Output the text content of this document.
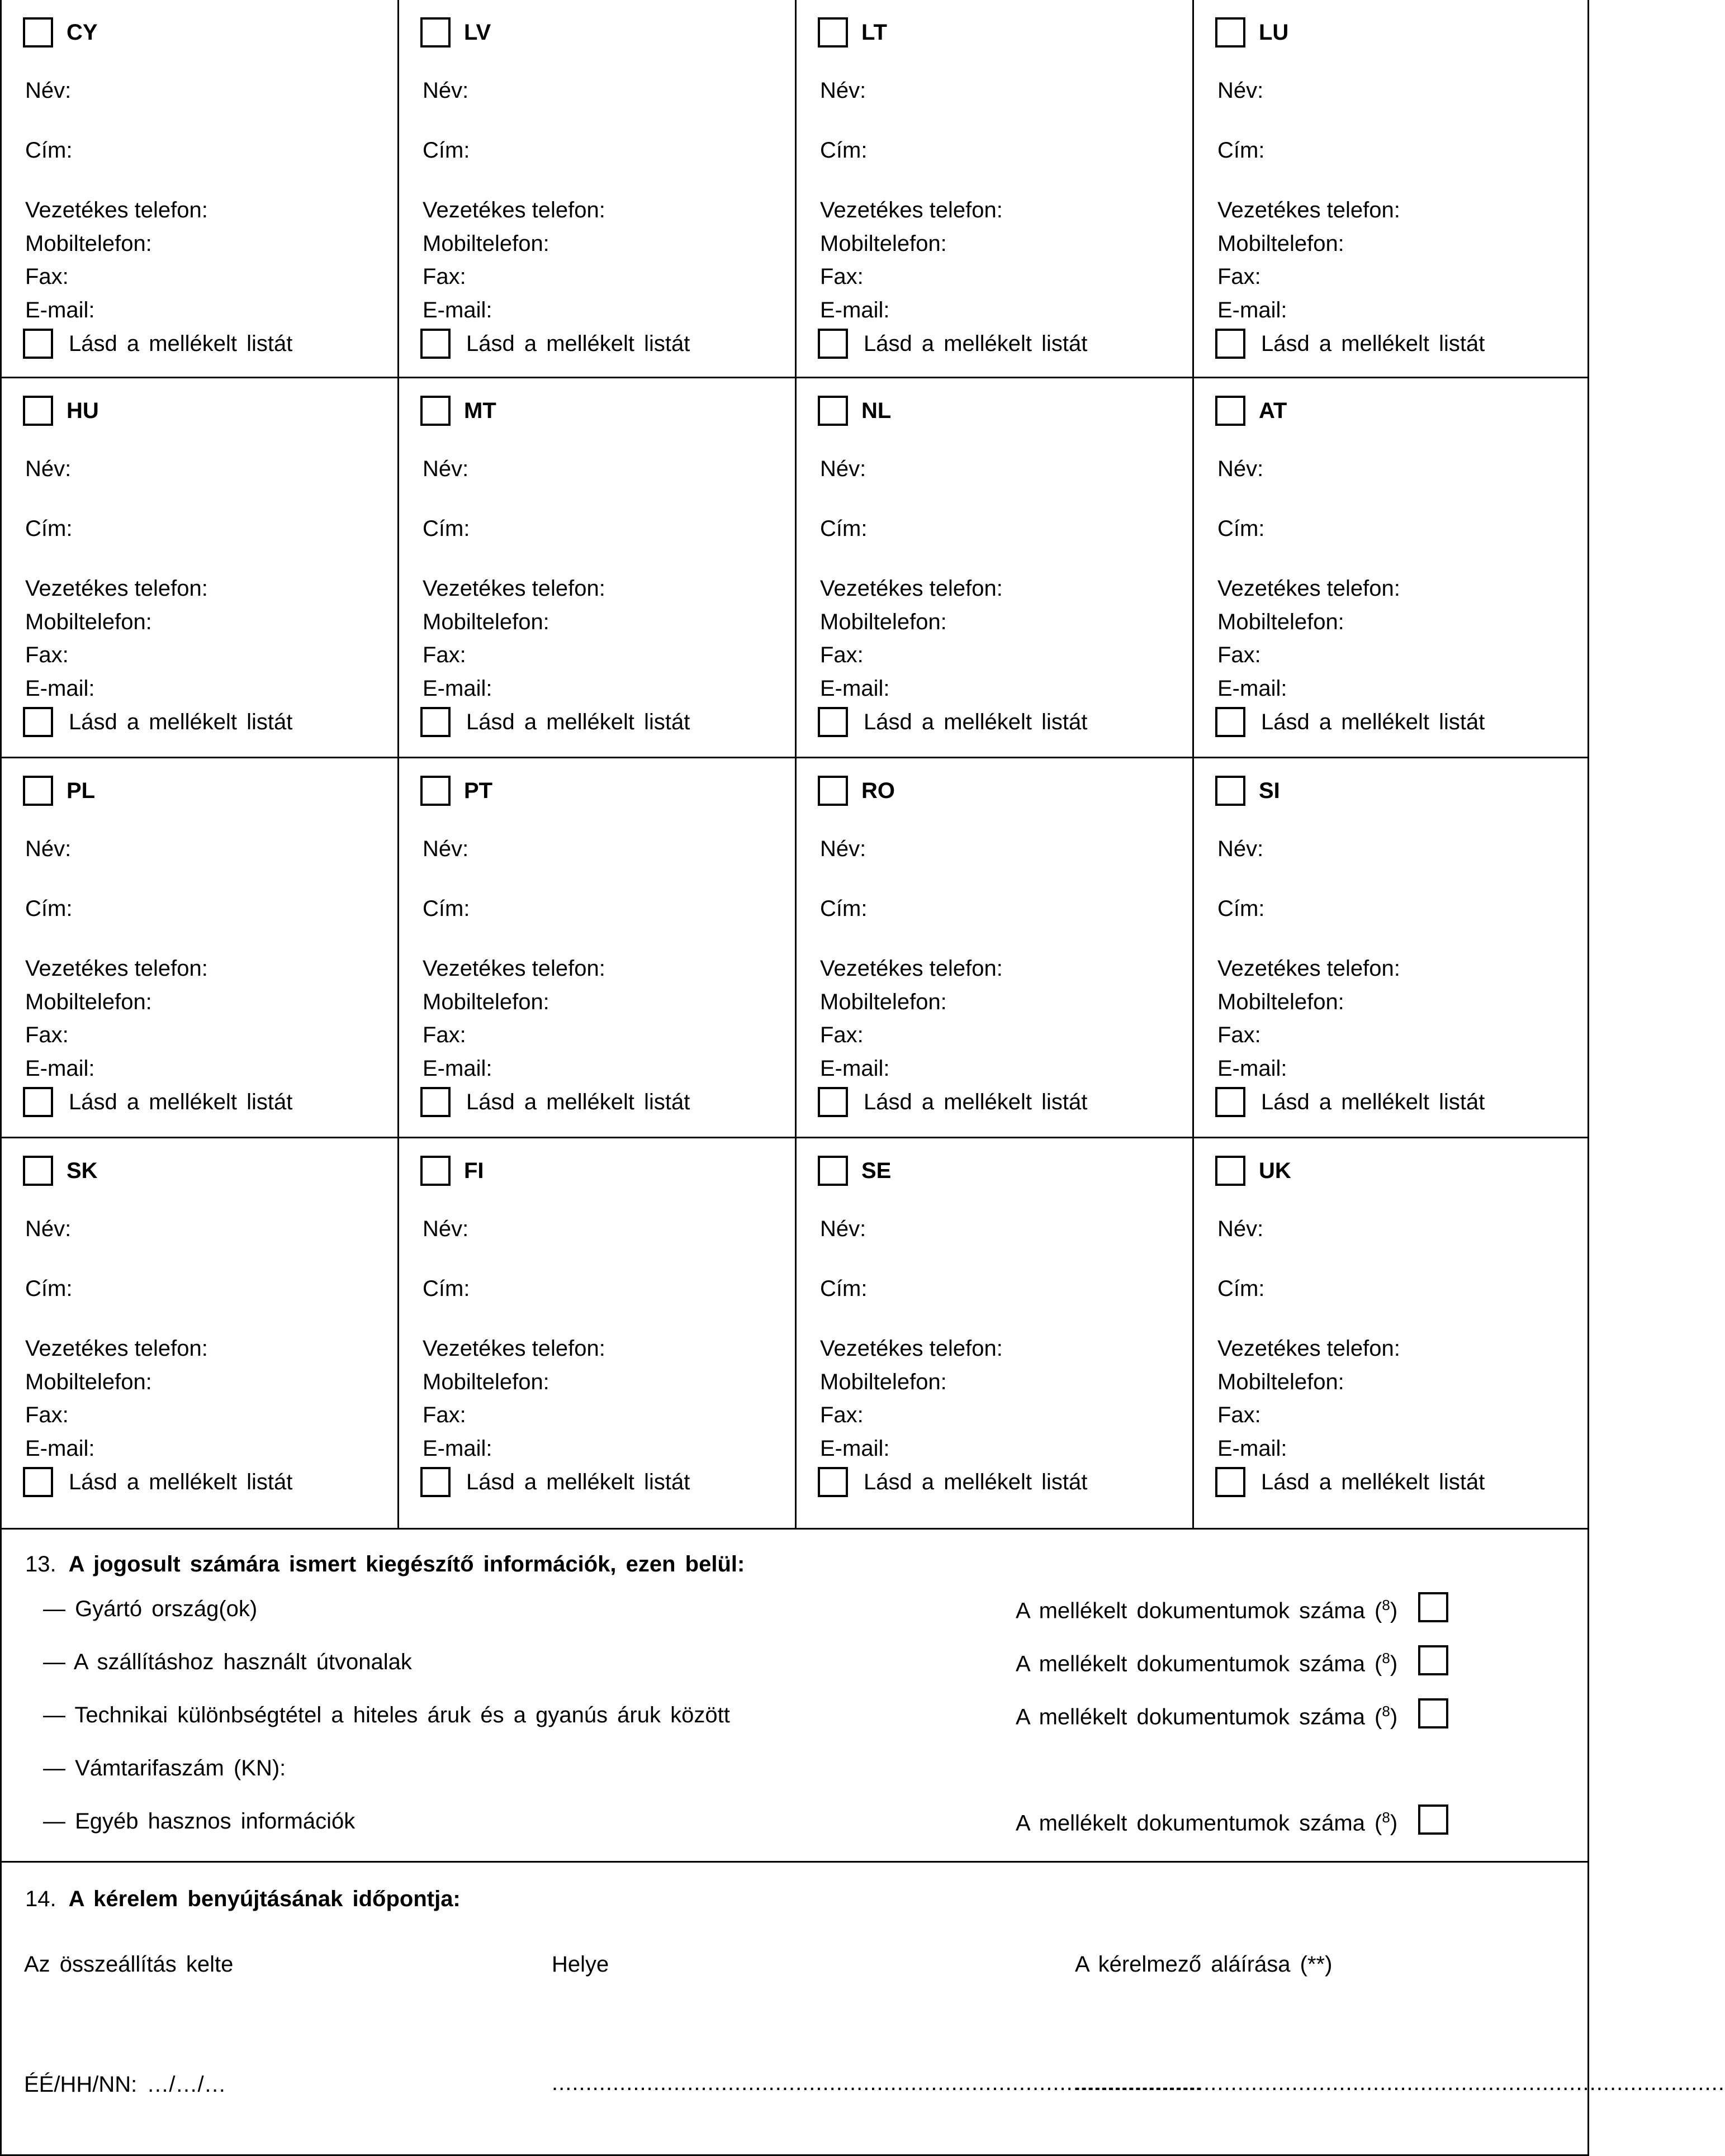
CY
Név:
Cím:
Vezetékes telefon:
Mobiltelefon:
Fax:
E-mail:
Lásd a mellékelt listát
LV
Név:
Cím:
Vezetékes telefon:
Mobiltelefon:
Fax:
E-mail:
Lásd a mellékelt listát
LT
Név:
Cím:
Vezetékes telefon:
Mobiltelefon:
Fax:
E-mail:
Lásd a mellékelt listát
LU
Név:
Cím:
Vezetékes telefon:
Mobiltelefon:
Fax:
E-mail:
Lásd a mellékelt listát
HU
Név:
Cím:
Vezetékes telefon:
Mobiltelefon:
Fax:
E-mail:
Lásd a mellékelt listát
MT
Név:
Cím:
Vezetékes telefon:
Mobiltelefon:
Fax:
E-mail:
Lásd a mellékelt listát
NL
Név:
Cím:
Vezetékes telefon:
Mobiltelefon:
Fax:
E-mail:
Lásd a mellékelt listát
AT
Név:
Cím:
Vezetékes telefon:
Mobiltelefon:
Fax:
E-mail:
Lásd a mellékelt listát
PL
Név:
Cím:
Vezetékes telefon:
Mobiltelefon:
Fax:
E-mail:
Lásd a mellékelt listát
PT
Név:
Cím:
Vezetékes telefon:
Mobiltelefon:
Fax:
E-mail:
Lásd a mellékelt listát
RO
Név:
Cím:
Vezetékes telefon:
Mobiltelefon:
Fax:
E-mail:
Lásd a mellékelt listát
SI
Név:
Cím:
Vezetékes telefon:
Mobiltelefon:
Fax:
E-mail:
Lásd a mellékelt listát
SK
Név:
Cím:
Vezetékes telefon:
Mobiltelefon:
Fax:
E-mail:
Lásd a mellékelt listát
FI
Név:
Cím:
Vezetékes telefon:
Mobiltelefon:
Fax:
E-mail:
Lásd a mellékelt listát
SE
Név:
Cím:
Vezetékes telefon:
Mobiltelefon:
Fax:
E-mail:
Lásd a mellékelt listát
UK
Név:
Cím:
Vezetékes telefon:
Mobiltelefon:
Fax:
E-mail:
Lásd a mellékelt listát
13. A jogosult számára ismert kiegészítő információk, ezen belül:
— Gyártó ország(ok)	A mellékelt dokumentumok száma ($^8$)
— A szállításhoz használt útvonalak	A mellékelt dokumentumok száma ($^8$)
— Technikai különbségtétel a hiteles áruk és a gyanús áruk között	A mellékelt dokumentumok száma ($^8$)
— Vámtarifaszám (KN):
— Egyéb hasznos információk	A mellékelt dokumentumok száma ($^8$)
14. A kérelem benyújtásának időpontja:
Az összeállítás kelte	Helye	A kérelmező aláírása (**)
ÉÉ/HH/NN: …/…/…	................................................................................................
................................................................................................
